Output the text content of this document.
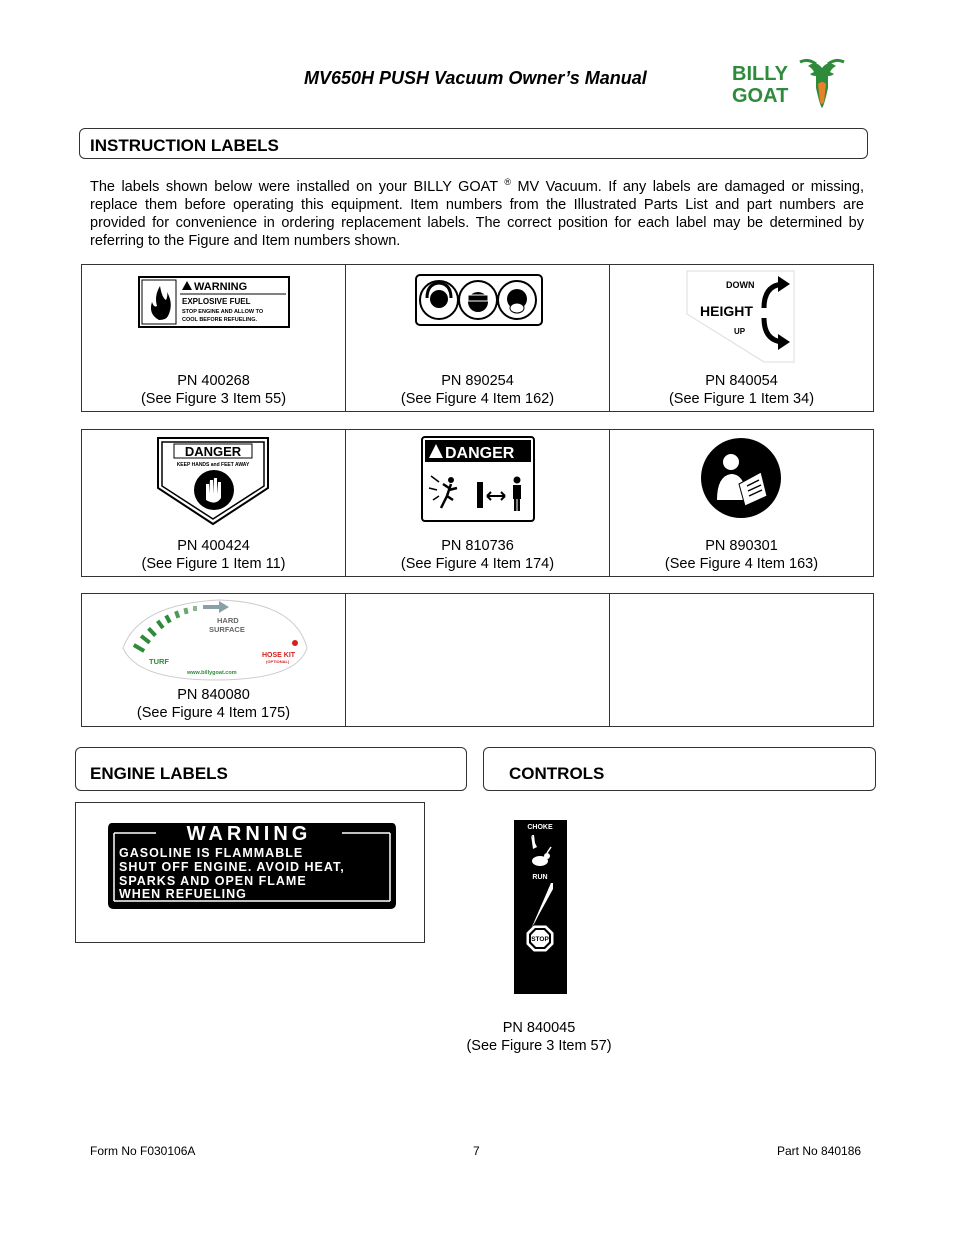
MV650H PUSH Vacuum Owner’s Manual	BILLY
GOAT
INSTRUCTION LABELS
The labels shown below were installed on your BILLY GOAT ® MV Vacuum. If any labels are damaged or missing, replace them before operating this equipment. Item numbers from the Illustrated Parts List and part numbers are provided for convenience in ordering replacement labels. The correct position for each label may be determined by referring to the Figure and Item numbers shown.
WARNING
EXPLOSIVE FUEL
STOP ENGINE AND ALLOW TO
COOL BEFORE REFUELING.
PN 400268
(See Figure 3 Item 55)

PN 890254
(See Figure 4 Item 162)

DOWN
HEIGHT
UP
PN 840054
(See Figure 1 Item 34)
DANGER
KEEP HANDS and FEET AWAY
PN 400424
(See Figure 1 Item 11)

DANGER
PN 810736
(See Figure 4 Item 174)

PN 890301
(See Figure 4 Item 163)
HARD
SURFACE
TURF
HOSE KIT
(OPTIONAL)
www.billygoat.com
PN 840080
(See Figure 4 Item 175)

ENGINE LABELS	CONTROLS
WARNING
GASOLINE IS FLAMMABLE
SHUT OFF ENGINE. AVOID HEAT,
SPARKS AND OPEN FLAME
WHEN REFUELING
CHOKE
RUN
STOP
PN 840045
(See Figure 3 Item 57)
Form No F030106A	7	Part No 840186
